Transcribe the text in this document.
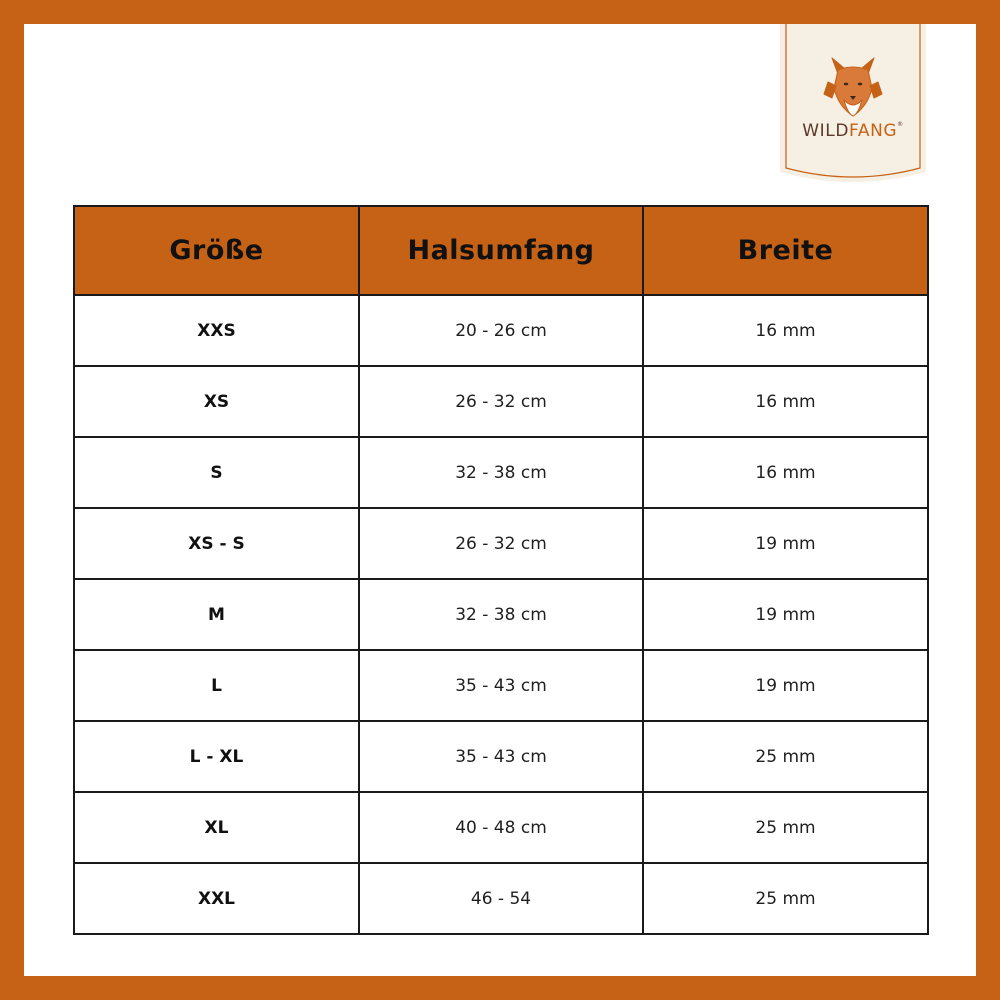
WILDFANG®
Größe	Halsumfang	Breite
XXS	20 - 26 cm	16 mm
XS	26 - 32 cm	16 mm
S	32 - 38 cm	16 mm
XS - S	26 - 32 cm	19 mm
M	32 - 38 cm	19 mm
L	35 - 43 cm	19 mm
L - XL	35 - 43 cm	25 mm
XL	40 - 48 cm	25 mm
XXL	46 - 54	25 mm
